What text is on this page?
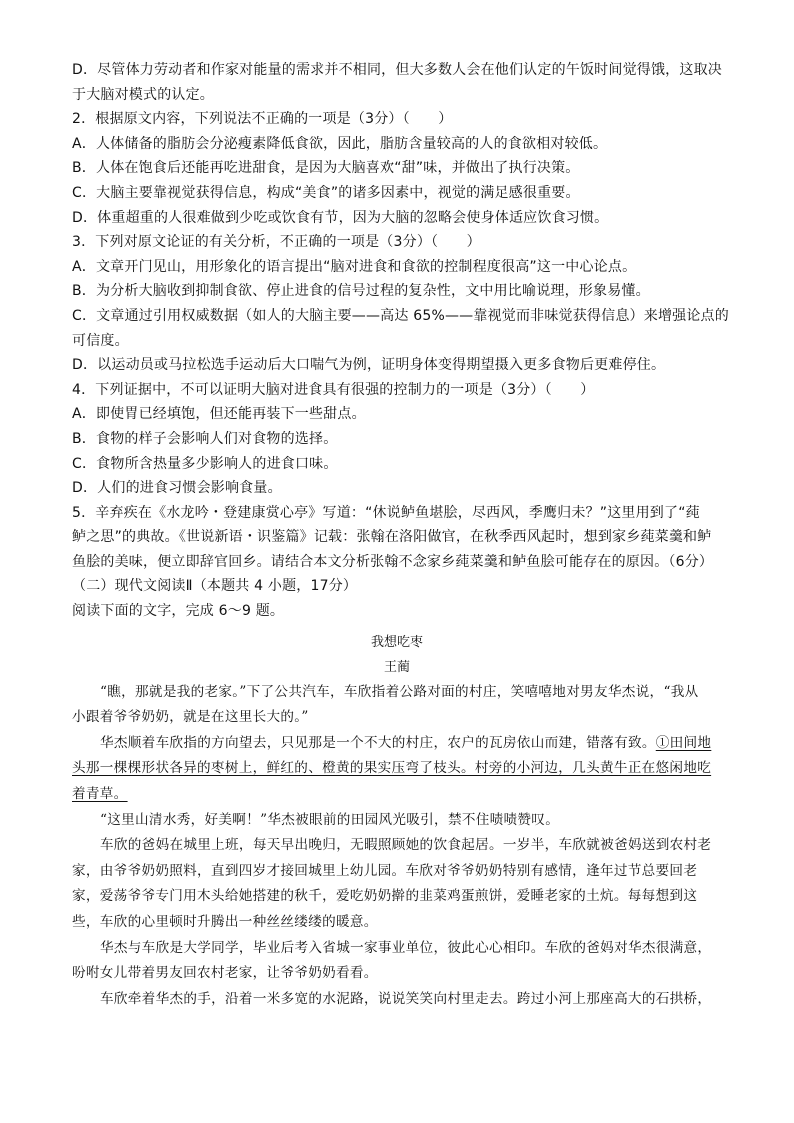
D．尽管体力劳动者和作家对能量的需求并不相同，但大多数人会在他们认定的午饭时间觉得饿，这取决
于大脑对模式的认定。
2．根据原文内容，下列说法不正确的一项是（3分）（　　）
A．人体储备的脂肪会分泌瘦素降低食欲，因此，脂肪含量较高的人的食欲相对较低。
B．人体在饱食后还能再吃进甜食，是因为大脑喜欢“甜”味，并做出了执行决策。
C．大脑主要靠视觉获得信息，构成“美食”的诸多因素中，视觉的满足感很重要。
D．体重超重的人很难做到少吃或饮食有节，因为大脑的忽略会使身体适应饮食习惯。
3．下列对原文论证的有关分析，不正确的一项是（3分）（　　）
A．文章开门见山，用形象化的语言提出“脑对进食和食欲的控制程度很高”这一中心论点。
B．为分析大脑收到抑制食欲、停止进食的信号过程的复杂性，文中用比喻说理，形象易懂。
C．文章通过引用权威数据（如人的大脑主要——高达 65%——靠视觉而非味觉获得信息）来增强论点的
可信度。
D．以运动员或马拉松选手运动后大口喘气为例，证明身体变得期望摄入更多食物后更难停住。
4．下列证据中，不可以证明大脑对进食具有很强的控制力的一项是（3分）（　　）
A．即使胃已经填饱，但还能再装下一些甜点。
B．食物的样子会影响人们对食物的选择。
C．食物所含热量多少影响人的进食口味。
D．人们的进食习惯会影响食量。
5．辛弃疾在《水龙吟・登建康赏心亭》写道：“休说鲈鱼堪脍，尽西风，季鹰归未？”这里用到了“莼
鲈之思”的典故。《世说新语・识鉴篇》记载：张翰在洛阳做官，在秋季西风起时，想到家乡莼菜羹和鲈
鱼脍的美味，便立即辞官回乡。请结合本文分析张翰不念家乡莼菜羹和鲈鱼脍可能存在的原因。（6分）
（二）现代文阅读Ⅱ（本题共 4 小题，17分）
阅读下面的文字，完成 6～9 题。
我想吃枣
王蔺
“瞧，那就是我的老家。”下了公共汽车，车欣指着公路对面的村庄，笑嘻嘻地对男友华杰说，“我从
小跟着爷爷奶奶，就是在这里长大的。”
华杰顺着车欣指的方向望去，只见那是一个不大的村庄，农户的瓦房依山而建，错落有致。①田间地
头那一棵棵形状各异的枣树上，鲜红的、橙黄的果实压弯了枝头。村旁的小河边，几头黄牛正在悠闲地吃
着青草。
“这里山清水秀，好美啊！”华杰被眼前的田园风光吸引，禁不住啧啧赞叹。
车欣的爸妈在城里上班，每天早出晚归，无暇照顾她的饮食起居。一岁半，车欣就被爸妈送到农村老
家，由爷爷奶奶照料，直到四岁才接回城里上幼儿园。车欣对爷爷奶奶特别有感情，逢年过节总要回老
家，爱荡爷爷专门用木头给她搭建的秋千，爱吃奶奶擀的韭菜鸡蛋煎饼，爱睡老家的土炕。每每想到这
些，车欣的心里顿时升腾出一种丝丝缕缕的暖意。
华杰与车欣是大学同学，毕业后考入省城一家事业单位，彼此心心相印。车欣的爸妈对华杰很满意，
吩咐女儿带着男友回农村老家，让爷爷奶奶看看。
车欣牵着华杰的手，沿着一米多宽的水泥路，说说笑笑向村里走去。跨过小河上那座高大的石拱桥，
